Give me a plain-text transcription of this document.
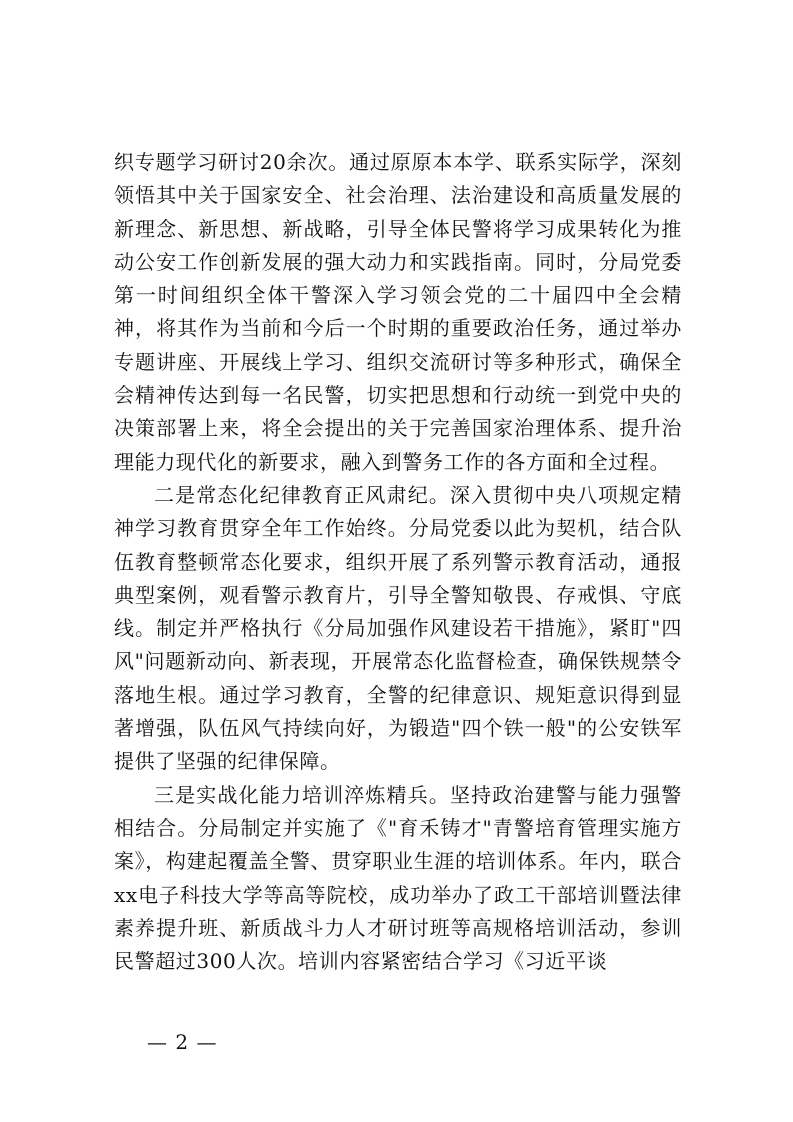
织专题学习研讨20余次。通过原原本本学、联系实际学，深刻领悟其中关于国家安全、社会治理、法治建设和高质量发展的新理念、新思想、新战略，引导全体民警将学习成果转化为推动公安工作创新发展的强大动力和实践指南。同时，分局党委第一时间组织全体干警深入学习领会党的二十届四中全会精神，将其作为当前和今后一个时期的重要政治任务，通过举办专题讲座、开展线上学习、组织交流研讨等多种形式，确保全会精神传达到每一名民警，切实把思想和行动统一到党中央的决策部署上来，将全会提出的关于完善国家治理体系、提升治理能力现代化的新要求，融入到警务工作的各方面和全过程。

二是常态化纪律教育正风肃纪。深入贯彻中央八项规定精神学习教育贯穿全年工作始终。分局党委以此为契机，结合队伍教育整顿常态化要求，组织开展了系列警示教育活动，通报典型案例，观看警示教育片，引导全警知敬畏、存戒惧、守底线。制定并严格执行《分局加强作风建设若干措施》，紧盯"四风"问题新动向、新表现，开展常态化监督检查，确保铁规禁令落地生根。通过学习教育，全警的纪律意识、规矩意识得到显著增强，队伍风气持续向好，为锻造"四个铁一般"的公安铁军提供了坚强的纪律保障。

三是实战化能力培训淬炼精兵。坚持政治建警与能力强警相结合。分局制定并实施了《"育禾铸才"青警培育管理实施方案》，构建起覆盖全警、贯穿职业生涯的培训体系。年内，联合xx电子科技大学等高等院校，成功举办了政工干部培训暨法律素养提升班、新质战斗力人才研讨班等高规格培训活动，参训民警超过300人次。培训内容紧密结合学习《习近平谈

— 2 —
